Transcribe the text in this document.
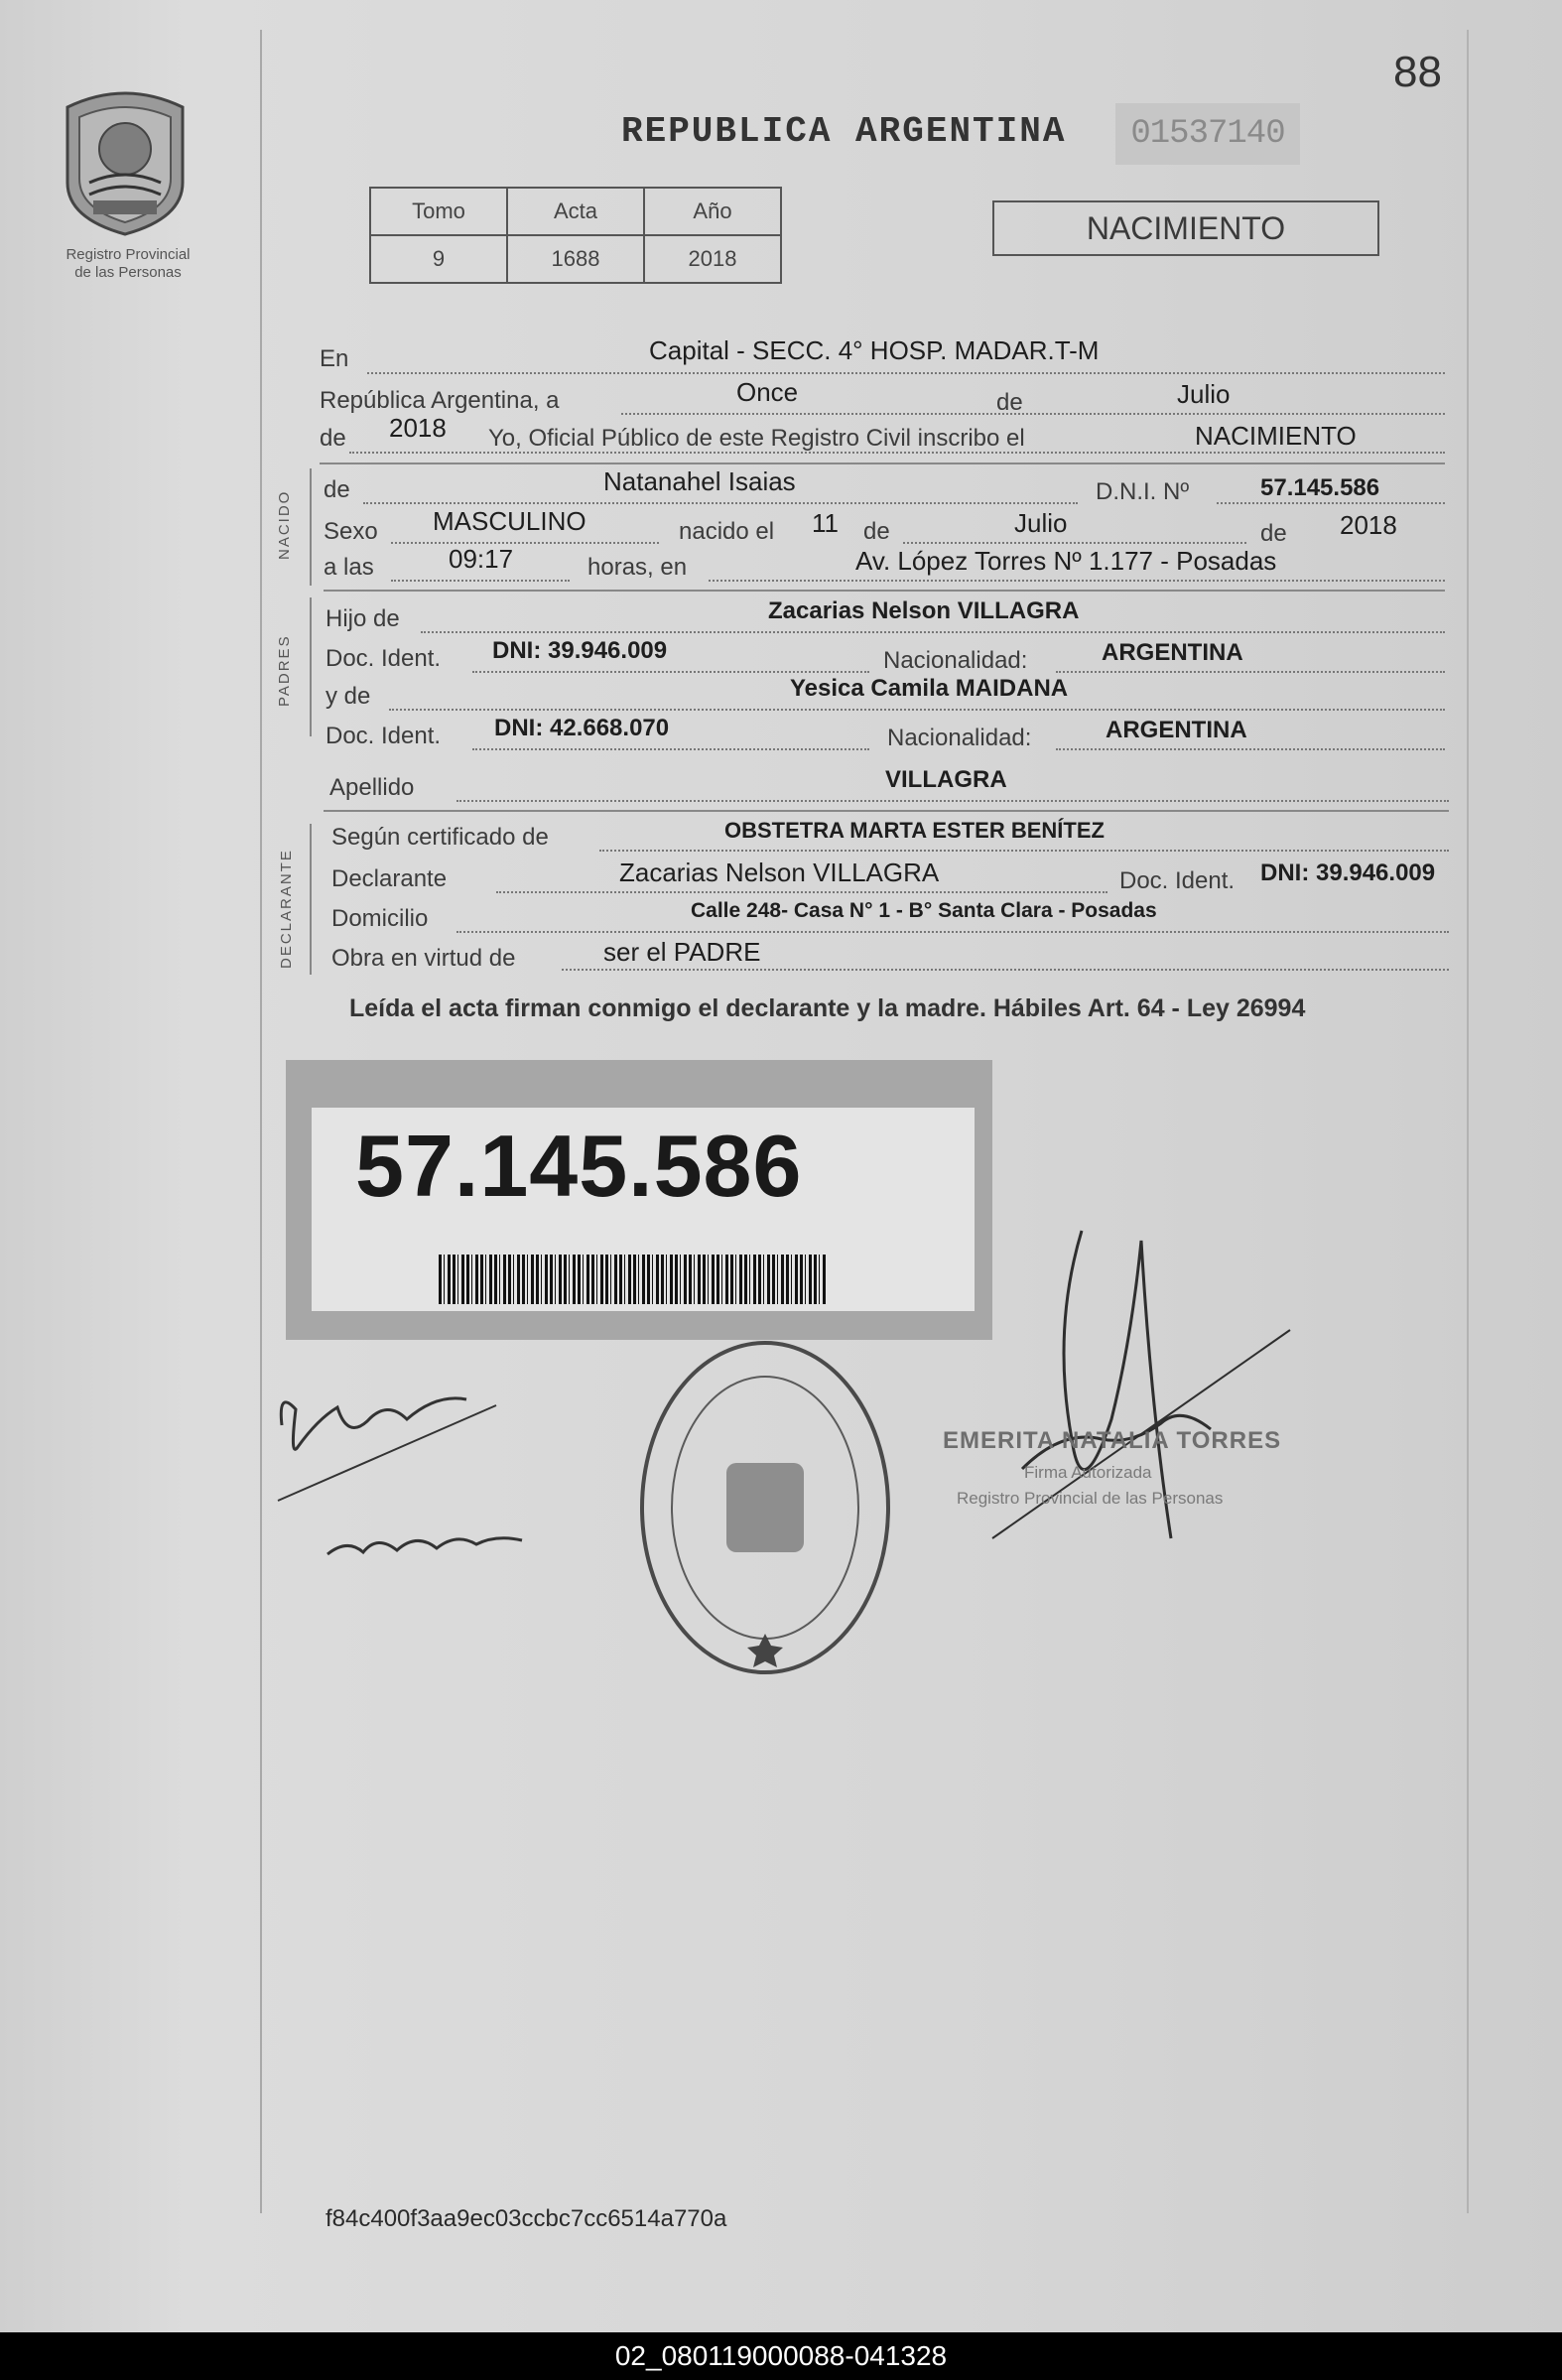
88
Registro Provincial
de las Personas
REPUBLICA ARGENTINA	01537140
Tomo	Acta	Año
9	1688	2018
NACIMIENTO
En	Capital - SECC. 4° HOSP. MADAR.T-M
República Argentina, a	Once	de	Julio
de 2018 Yo, Oficial Público de este Registro Civil inscribo el	NACIMIENTO
NACIDO
de	Natanahel Isaias	D.N.I. Nº	57.145.586
Sexo MASCULINO	nacido el 11 de	Julio	de 2018
a las	09:17	horas, en	Av. López Torres Nº 1.177 - Posadas
PADRES
Hijo de	Zacarias Nelson VILLAGRA
Doc. Ident. DNI: 39.946.009	Nacionalidad:	ARGENTINA
y de	Yesica Camila MAIDANA
Doc. Ident. DNI: 42.668.070	Nacionalidad:	ARGENTINA
Apellido	VILLAGRA
DECLARANTE
Según certificado de	OBSTETRA MARTA ESTER BENÍTEZ
Declarante	Zacarias Nelson VILLAGRA	Doc. Ident. DNI: 39.946.009
Domicilio	Calle 248- Casa N° 1 - B° Santa Clara - Posadas
Obra en virtud de	ser el PADRE
Leída el acta firman conmigo el declarante y la madre. Hábiles Art. 64 - Ley 26994
57.145.586
EMERITA NATALIA TORRES
Firma Autorizada
Registro Provincial de las Personas
f84c400f3aa9ec03ccbc7cc6514a770a
02_080119000088-041328
